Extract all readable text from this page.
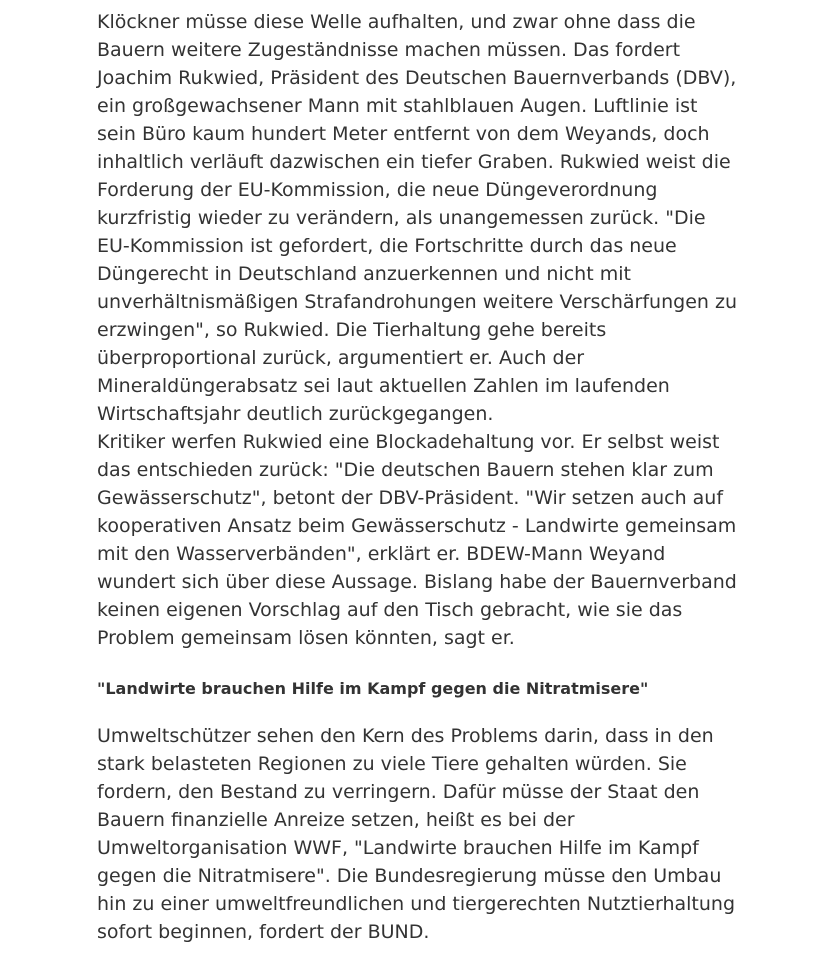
Klöckner müsse diese Welle aufhalten, und zwar ohne dass die Bauern weitere Zugeständnisse machen müssen. Das fordert Joachim Rukwied, Präsident des Deutschen Bauernverbands (DBV), ein großgewachsener Mann mit stahlblauen Augen. Luftlinie ist sein Büro kaum hundert Meter entfernt von dem Weyands, doch inhaltlich verläuft dazwischen ein tiefer Graben. Rukwied weist die Forderung der EU-Kommission, die neue Düngeverordnung kurzfristig wieder zu verändern, als unangemessen zurück. "Die EU-Kommission ist gefordert, die Fortschritte durch das neue Düngerecht in Deutschland anzuerkennen und nicht mit unverhältnismäßigen Strafandrohungen weitere Verschärfungen zu erzwingen", so Rukwied. Die Tierhaltung gehe bereits überproportional zurück, argumentiert er. Auch der Mineraldüngerabsatz sei laut aktuellen Zahlen im laufenden Wirtschaftsjahr deutlich zurückgegangen.

Kritiker werfen Rukwied eine Blockadehaltung vor. Er selbst weist das entschieden zurück: "Die deutschen Bauern stehen klar zum Gewässerschutz", betont der DBV-Präsident. "Wir setzen auch auf kooperativen Ansatz beim Gewässerschutz - Landwirte gemeinsam mit den Wasserverbänden", erklärt er. BDEW-Mann Weyand wundert sich über diese Aussage. Bislang habe der Bauernverband keinen eigenen Vorschlag auf den Tisch gebracht, wie sie das Problem gemeinsam lösen könnten, sagt er.

"Landwirte brauchen Hilfe im Kampf gegen die Nitratmisere"

Umweltschützer sehen den Kern des Problems darin, dass in den stark belasteten Regionen zu viele Tiere gehalten würden. Sie fordern, den Bestand zu verringern. Dafür müsse der Staat den Bauern finanzielle Anreize setzen, heißt es bei der Umweltorganisation WWF, "Landwirte brauchen Hilfe im Kampf gegen die Nitratmisere". Die Bundesregierung müsse den Umbau hin zu einer umweltfreundlichen und tiergerechten Nutztierhaltung sofort beginnen, fordert der BUND.
